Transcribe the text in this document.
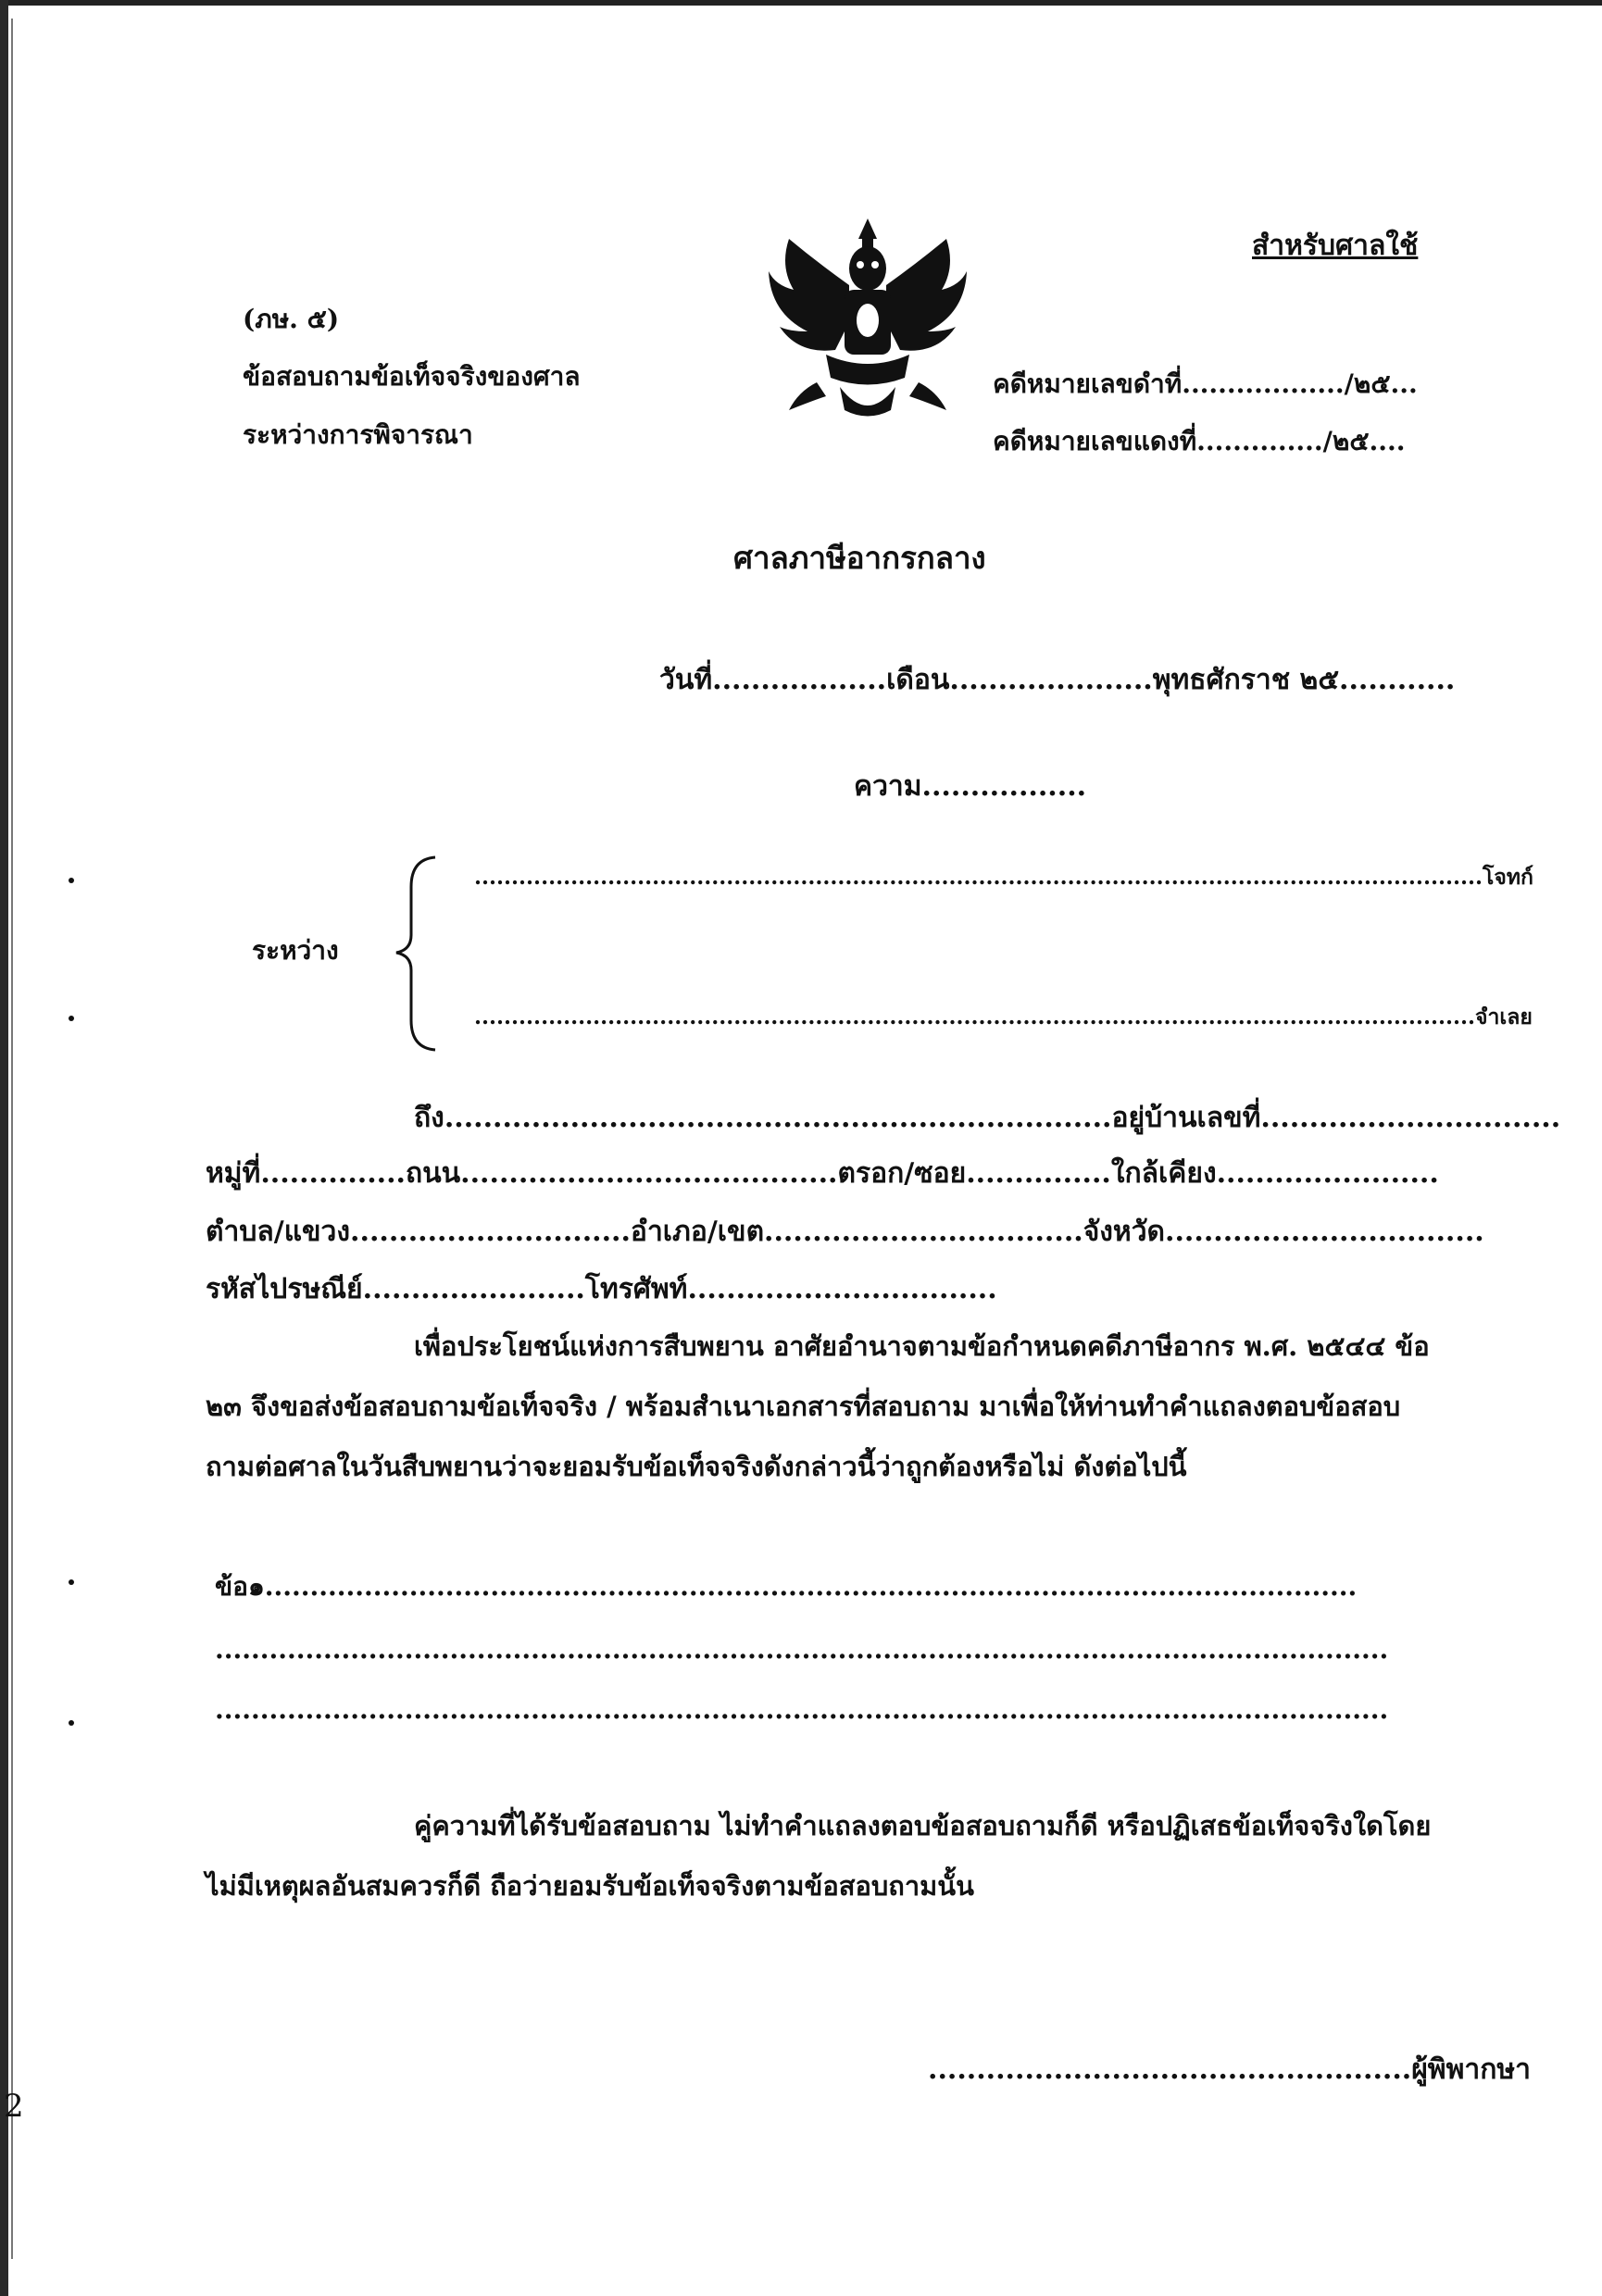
สำหรับศาลใช้
(ภษ. ๕)
ข้อสอบถามข้อเท็จจริงของศาล
ระหว่างการพิจารณา
คดีหมายเลขดำที่................../๒๕...
คดีหมายเลขแดงที่............../๒๕....
ศาลภาษีอากรกลาง
วันที่..................เดือน.....................พุทธศักราช ๒๕............
ความ.................
ระหว่าง
........................................................................................................................................โจทก์
.......................................................................................................................................จำเลย
ถึง.....................................................................อยู่บ้านเลขที่...............................
หมู่ที่...............ถนน.......................................ตรอก/ซอย...............ใกล้เคียง.......................
ตำบล/แขวง.............................อำเภอ/เขต.................................จังหวัด.................................
รหัสไปรษณีย์.......................โทรศัพท์................................
เพื่อประโยชน์แห่งการสืบพยาน อาศัยอำนาจตามข้อกำหนดคดีภาษีอากร พ.ศ. ๒๕๔๔ ข้อ
๒๓ จึงขอส่งข้อสอบถามข้อเท็จจริง / พร้อมสำเนาเอกสารที่สอบถาม มาเพื่อให้ท่านทำคำแถลงตอบข้อสอบ
ถามต่อศาลในวันสืบพยานว่าจะยอมรับข้อเท็จจริงดังกล่าวนี้ว่าถูกต้องหรือไม่ ดังต่อไปนี้
ข้อ๑.........................................................................................................................
..................................................................................................................................
..................................................................................................................................
คู่ความที่ได้รับข้อสอบถาม ไม่ทำคำแถลงตอบข้อสอบถามก็ดี หรือปฏิเสธข้อเท็จจริงใดโดย
ไม่มีเหตุผลอันสมควรก็ดี ถือว่ายอมรับข้อเท็จจริงตามข้อสอบถามนั้น
..................................................ผู้พิพากษา
2
